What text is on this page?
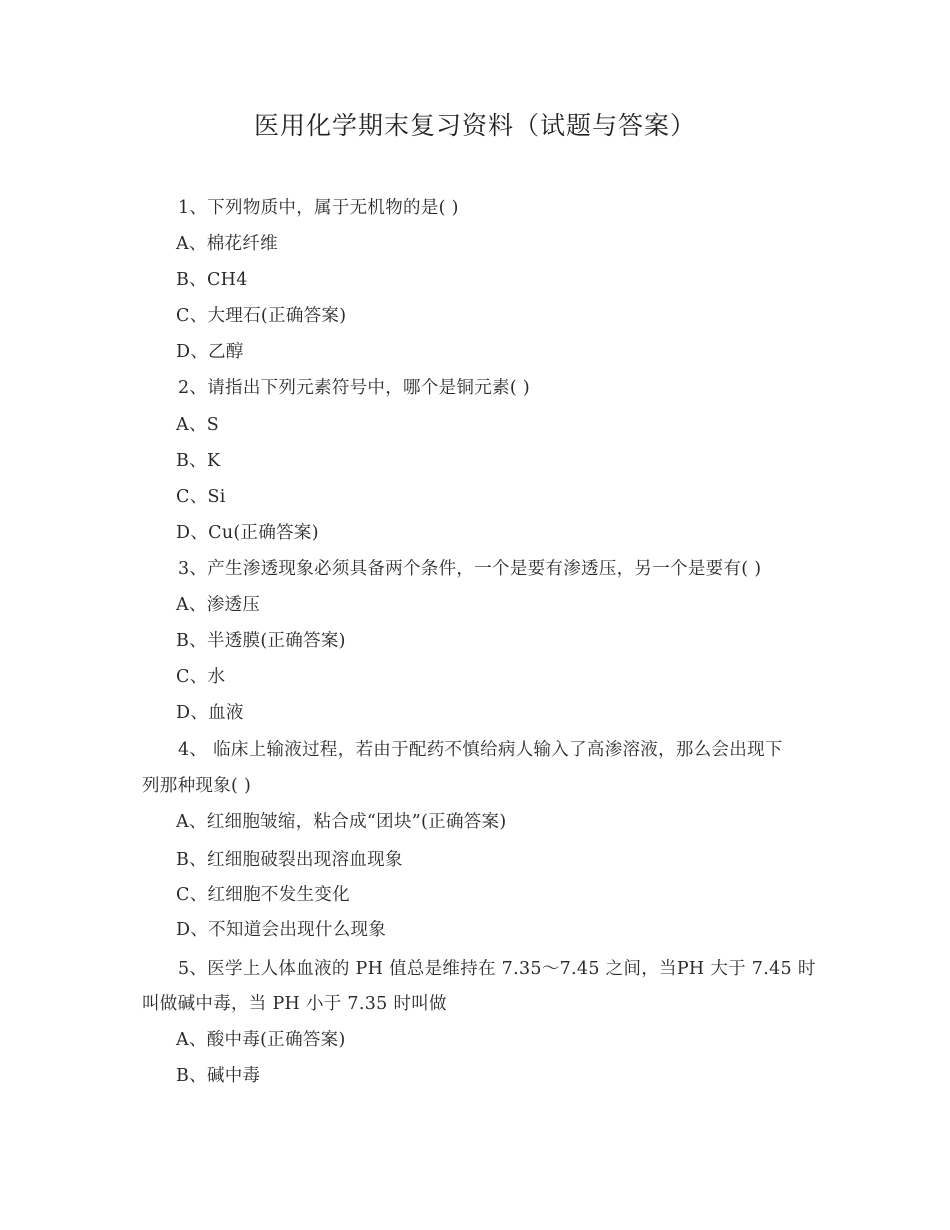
医用化学期末复习资料（试题与答案）
1、下列物质中，属于无机物的是( )
A、棉花纤维
B、CH4
C、大理石(正确答案)
D、乙醇
2、请指出下列元素符号中，哪个是铜元素( )
A、S
B、K
C、Si
D、Cu(正确答案)
3、产生渗透现象必须具备两个条件，一个是要有渗透压，另一个是要有( )
A、渗透压
B、半透膜(正确答案)
C、水
D、血液
4、 临床上输液过程，若由于配药不慎给病人输入了高渗溶液，那么会出现下
列那种现象( )
A、红细胞皱缩，粘合成“团块”(正确答案)
B、红细胞破裂出现溶血现象
C、红细胞不发生变化
D、不知道会出现什么现象
5、医学上人体血液的 PH 值总是维持在 7.35～7.45 之间，当PH 大于 7.45 时
叫做碱中毒，当 PH 小于 7.35 时叫做
A、酸中毒(正确答案)
B、碱中毒
